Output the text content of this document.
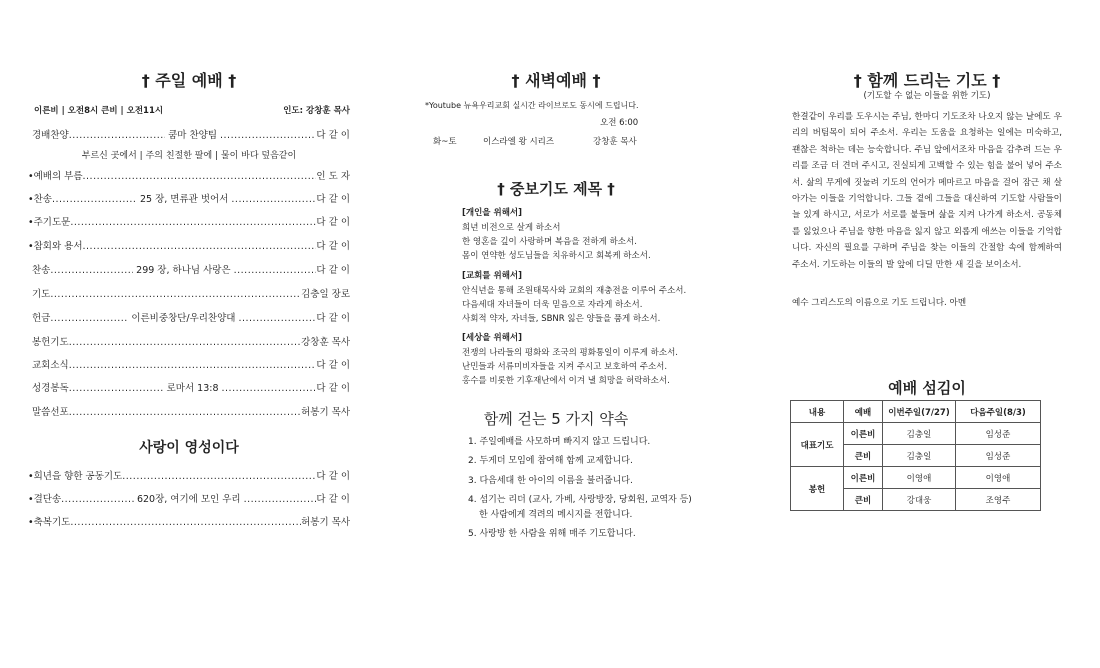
† 주일 예배 †
이른비 | 오전8시 큰비 | 오전11시	인도: 강창훈 목사
경배찬양 .....	쿰마 찬양팀 .....	다 같 이
•예배의 부름 .....	인 도 자
•찬송 .....	25 장, 면류관 벗어서 .....	다 같 이
•주기도문 .....	다 같 이
•참회와 용서 .....	다 같 이
찬송 .....	299 장, 하나님 사랑은 .....	다 같 이
기도 .....	김충일 장로
헌금 .....	이른비중창단/우리찬양대 .....	다 같 이
봉헌기도 .....	강창훈 목사
교회소식 .....	다 같 이
성경봉독 .....	로마서 13:8 .....	다 같 이
말씀선포 .....	허봉기 목사
부르신 곳에서 | 주의 친절한 팔에 | 물이 바다 덮음같이
사랑이 영성이다
•희년을 향한 공동기도 .....	다 같 이
•결단송 .....	620장, 여기에 모인 우리 .....	다 같 이
•축복기도 .....	허봉기 목사
† 새벽예배 †
*Youtube 뉴욕우리교회 실시간 라이브로도 동시에 드립니다.
오전 6:00
화~토	이스라엘 왕 시리즈	강창훈 목사
† 중보기도 제목 †
[개인을 위해서]
희년 비전으로 살게 하소서
한 영혼을 깊이 사랑하며 복음을 전하게 하소서.
몸이 연약한 성도님들을 치유하시고 회복케 하소서.
[교회를 위해서]
안식년을 통해 조원태목사와 교회의 재충전을 이루어 주소서.
다음세대 자녀들이 더욱 믿음으로 자라게 하소서.
사회적 약자, 자녀들, SBNR 잃은 양들을 품게 하소서.
[세상을 위해서]
전쟁의 나라들의 평화와 조국의 평화통일이 이루게 하소서.
난민들과 서류미비자들을 지켜 주시고 보호하여 주소서.
홍수를 비롯한 기후재난에서 이겨 낼 희망을 허락하소서.
함께 걷는 5 가지 약속
1. 주일예배를 사모하며 빠지지 않고 드립니다.
2. 두게더 모임에 참여해 함께 교제합니다.
3. 다음세대 한 아이의 이름을 불러줍니다.
4. 섬기는 리더 (교사, 가베, 사랑방장, 당회원, 교역자 등)
한 사람에게 격려의 메시지를 전합니다.
5. 사랑방 한 사람을 위해 매주 기도합니다.
† 함께 드리는 기도 †
(기도할 수 없는 이들을 위한 기도)
한결같이 우리를 도우시는 주님, 한마디 기도조차 나오지 않는 날에도 우리의 버팀목이 되어 주소서. 우리는 도움을 요청하는 일에는 미숙하고, 괜찮은 척하는 데는 능숙합니다. 주님 앞에서조차 마음을 감추려 드는 우리를 조금 더 견뎌 주시고, 진실되게 고백할 수 있는 힘을 불어 넣어 주소서. 삶의 무게에 짓눌려 기도의 언어가 메마르고 마음을 걸어 잠근 채 살아가는 이들을 기억합니다. 그들 곁에 그들을 대신하여 기도할 사람들이 늘 있게 하시고, 서로가 서로를 붙들며 삶을 지켜 나가게 하소서. 공동체를 잃었으나 주님을 향한 마음을 잃지 않고 외롭게 애쓰는 이들을 기억합니다. 자신의 필요를 구하며 주님을 찾는 이들의 간절함 속에 함께하여 주소서. 기도하는 이들의 발 앞에 디딜 만한 새 길을 보이소서.
예수 그리스도의 이름으로 기도 드립니다. 아멘
예배 섬김이
내용	예배	이번주일(7/27)	다음주일(8/3)
대표기도	이른비	김충일	임성준
	큰비	김충일	임성준
봉헌	이른비	이영애	이영애
	큰비	강대웅	조영주
